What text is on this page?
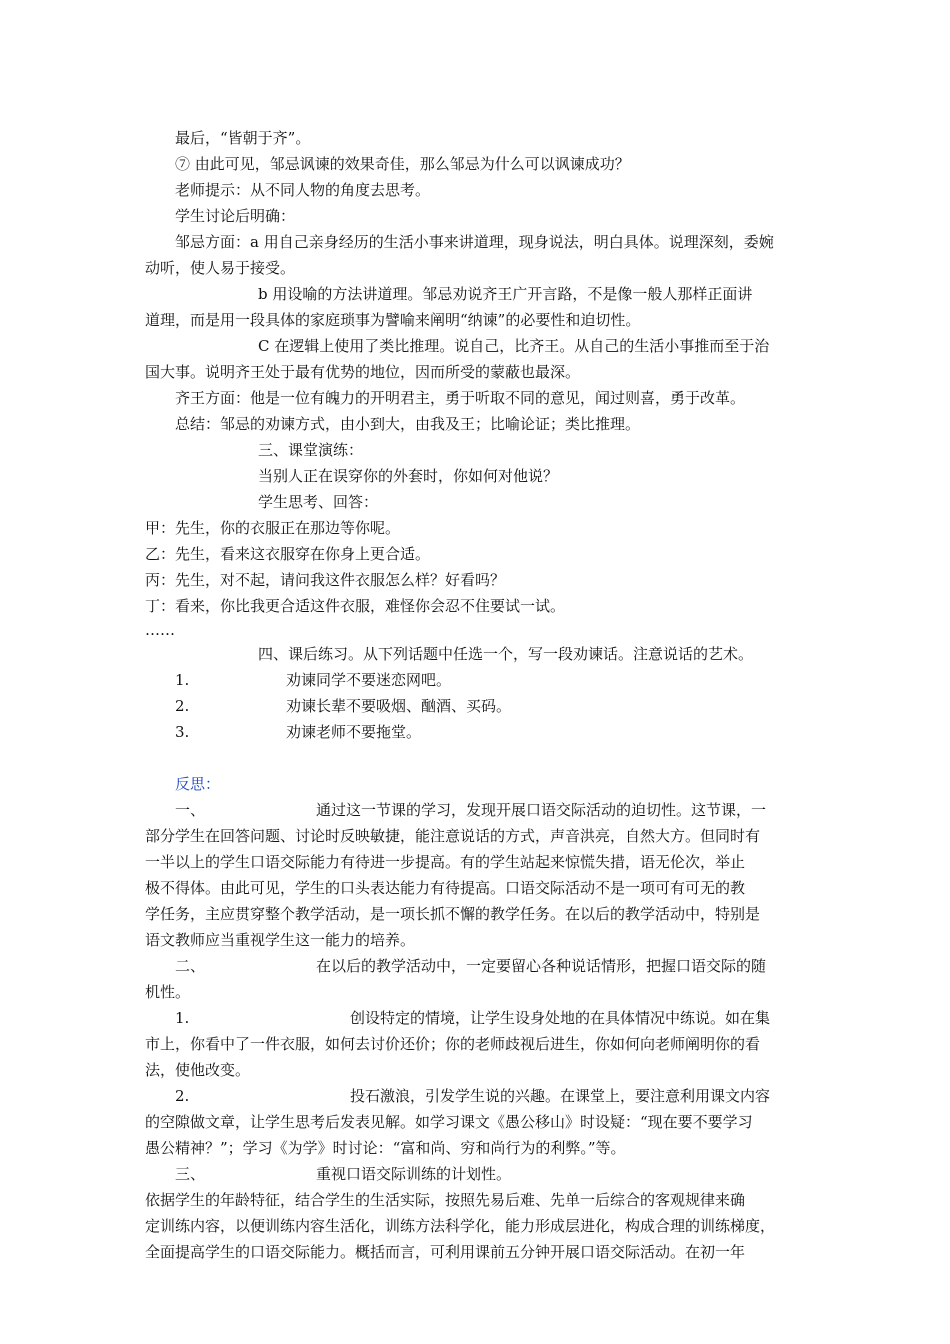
最后，“皆朝于齐”。
⑦ 由此可见，邹忌讽谏的效果奇佳，那么邹忌为什么可以讽谏成功？
老师提示：从不同人物的角度去思考。
学生讨论后明确：
邹忌方面：a 用自己亲身经历的生活小事来讲道理，现身说法，明白具体。说理深刻，委婉
动听，使人易于接受。
b 用设喻的方法讲道理。邹忌劝说齐王广开言路，不是像一般人那样正面讲
道理，而是用一段具体的家庭琐事为譬喻来阐明“纳谏”的必要性和迫切性。
C 在逻辑上使用了类比推理。说自己，比齐王。从自己的生活小事推而至于治
国大事。说明齐王处于最有优势的地位，因而所受的蒙蔽也最深。
齐王方面：他是一位有魄力的开明君主，勇于听取不同的意见，闻过则喜，勇于改革。
总结：邹忌的劝谏方式，由小到大，由我及王；比喻论证；类比推理。
三、课堂演练：
当别人正在误穿你的外套时，你如何对他说？
学生思考、回答：
甲：先生，你的衣服正在那边等你呢。
乙：先生，看来这衣服穿在你身上更合适。
丙：先生，对不起，请问我这件衣服怎么样？好看吗？
丁：看来，你比我更合适这件衣服，难怪你会忍不住要试一试。
……
四、课后练习。从下列话题中任选一个，写一段劝谏话。注意说话的艺术。
1.	劝谏同学不要迷恋网吧。
2.	劝谏长辈不要吸烟、酗酒、买码。
3.	劝谏老师不要拖堂。
反思：
一、	通过这一节课的学习，发现开展口语交际活动的迫切性。这节课，一
部分学生在回答问题、讨论时反映敏捷，能注意说话的方式，声音洪亮，自然大方。但同时有
一半以上的学生口语交际能力有待进一步提高。有的学生站起来惊慌失措，语无伦次，举止
极不得体。由此可见，学生的口头表达能力有待提高。口语交际活动不是一项可有可无的教
学任务，主应贯穿整个教学活动，是一项长抓不懈的教学任务。在以后的教学活动中，特别是
语文教师应当重视学生这一能力的培养。
二、	在以后的教学活动中，一定要留心各种说话情形，把握口语交际的随
机性。
1.	创设特定的情境，让学生设身处地的在具体情况中练说。如在集
市上，你看中了一件衣服，如何去讨价还价；你的老师歧视后进生，你如何向老师阐明你的看
法，使他改变。
2.	投石激浪，引发学生说的兴趣。在课堂上，要注意利用课文内容
的空隙做文章，让学生思考后发表见解。如学习课文《愚公移山》时设疑：“现在要不要学习
愚公精神？”；学习《为学》时讨论：“富和尚、穷和尚行为的利弊。”等。
三、	重视口语交际训练的计划性。
依据学生的年龄特征，结合学生的生活实际，按照先易后难、先单一后综合的客观规律来确
定训练内容，以便训练内容生活化，训练方法科学化，能力形成层进化，构成合理的训练梯度，
全面提高学生的口语交际能力。概括而言，可利用课前五分钟开展口语交际活动。在初一年
